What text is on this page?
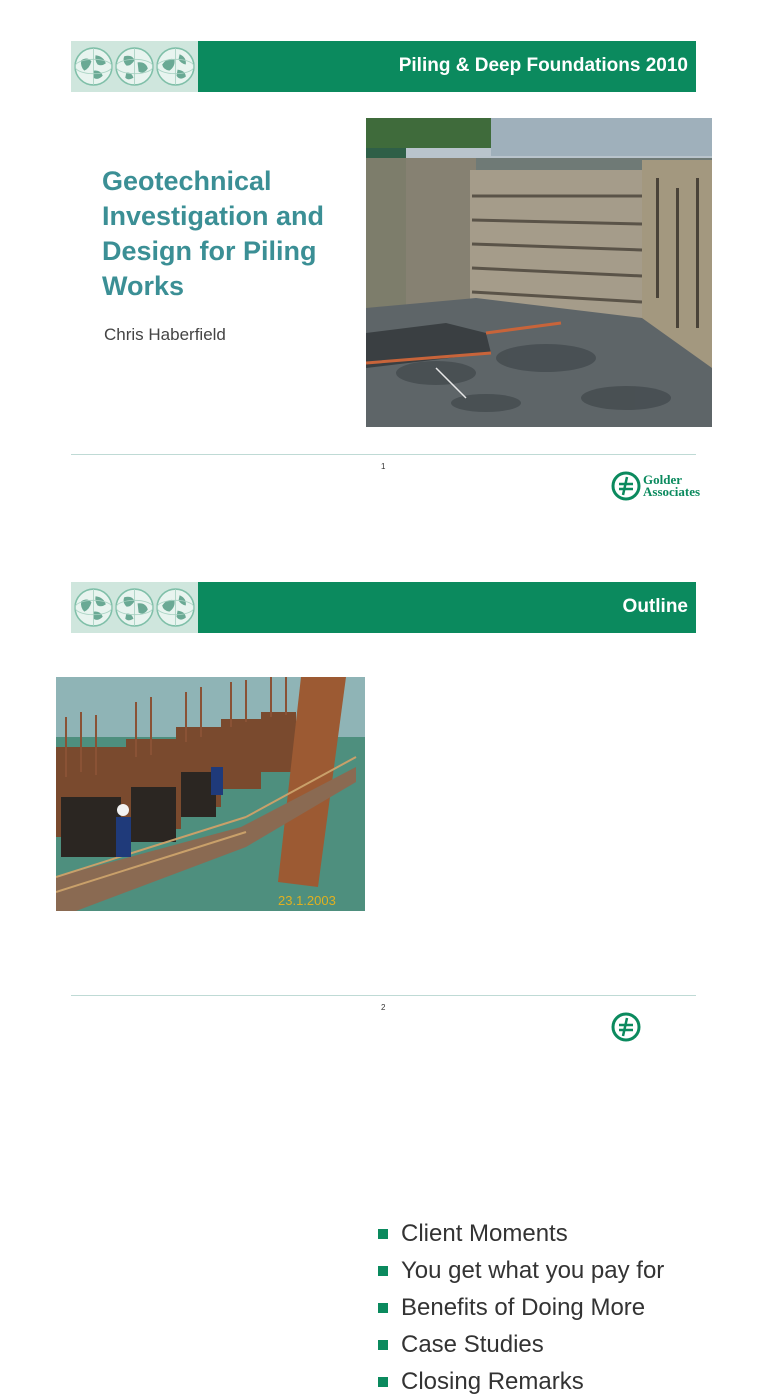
Piling & Deep Foundations 2010
Geotechnical
Investigation and
Design for Piling
Works
Chris Haberfield
1
Golder
Associates
Outline
23.1.2003
Client Moments
You get what you pay for
Benefits of Doing More
Case Studies
Closing Remarks
2
